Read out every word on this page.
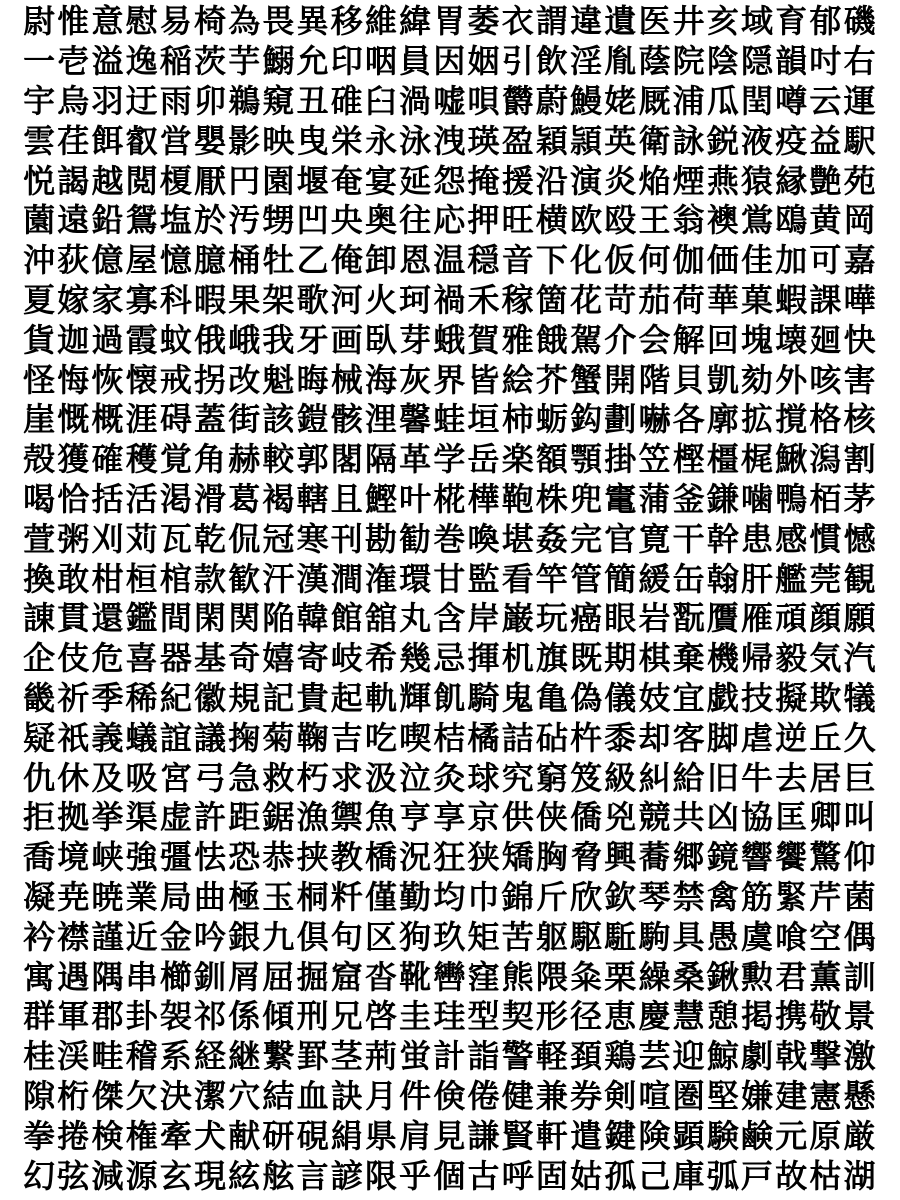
尉 惟 意 慰 易 椅 為 畏 異 移 維 緯 胃 萎 衣 謂 違 遺 医 井 亥 域 育 郁 磯
一 壱 溢 逸 稲 茨 芋 鰯 允 印 咽 員 因 姻 引 飲 淫 胤 蔭 院 陰 隠 韻 吋 右
宇 烏 羽 迂 雨 卯 鵜 窺 丑 碓 臼 渦 嘘 唄 欝 蔚 鰻 姥 厩 浦 瓜 閏 噂 云 運
雲 荏 餌 叡 営 嬰 影 映 曳 栄 永 泳 洩 瑛 盈 穎 頴 英 衛 詠 鋭 液 疫 益 駅
悦 謁 越 閲 榎 厭 円 園 堰 奄 宴 延 怨 掩 援 沿 演 炎 焔 煙 燕 猿 縁 艶 苑
薗 遠 鉛 鴛 塩 於 汚 甥 凹 央 奥 往 応 押 旺 横 欧 殴 王 翁 襖 鴬 鴎 黄 岡
沖 荻 億 屋 憶 臆 桶 牡 乙 俺 卸 恩 温 穏 音 下 化 仮 何 伽 価 佳 加 可 嘉
夏 嫁 家 寡 科 暇 果 架 歌 河 火 珂 禍 禾 稼 箇 花 苛 茄 荷 華 菓 蝦 課 嘩
貨 迦 過 霞 蚊 俄 峨 我 牙 画 臥 芽 蛾 賀 雅 餓 駕 介 会 解 回 塊 壊 廻 快
怪 悔 恢 懐 戒 拐 改 魁 晦 械 海 灰 界 皆 絵 芥 蟹 開 階 貝 凱 劾 外 咳 害
崖 慨 概 涯 碍 蓋 街 該 鎧 骸 浬 馨 蛙 垣 柿 蛎 鈎 劃 嚇 各 廓 拡 撹 格 核
殻 獲 確 穫 覚 角 赫 較 郭 閣 隔 革 学 岳 楽 額 顎 掛 笠 樫 橿 梶 鰍 潟 割
喝 恰 括 活 渇 滑 葛 褐 轄 且 鰹 叶 椛 樺 鞄 株 兜 竃 蒲 釜 鎌 噛 鴨 栢 茅
萱 粥 刈 苅 瓦 乾 侃 冠 寒 刊 勘 勧 巻 喚 堪 姦 完 官 寛 干 幹 患 感 慣 憾
換 敢 柑 桓 棺 款 歓 汗 漢 澗 潅 環 甘 監 看 竿 管 簡 緩 缶 翰 肝 艦 莞 観
諌 貫 還 鑑 間 閑 関 陥 韓 館 舘 丸 含 岸 巌 玩 癌 眼 岩 翫 贋 雁 頑 顔 願
企 伎 危 喜 器 基 奇 嬉 寄 岐 希 幾 忌 揮 机 旗 既 期 棋 棄 機 帰 毅 気 汽
畿 祈 季 稀 紀 徽 規 記 貴 起 軌 輝 飢 騎 鬼 亀 偽 儀 妓 宜 戯 技 擬 欺 犠
疑 祇 義 蟻 誼 議 掬 菊 鞠 吉 吃 喫 桔 橘 詰 砧 杵 黍 却 客 脚 虐 逆 丘 久
仇 休 及 吸 宮 弓 急 救 朽 求 汲 泣 灸 球 究 窮 笈 級 糾 給 旧 牛 去 居 巨
拒 拠 挙 渠 虚 許 距 鋸 漁 禦 魚 亨 享 京 供 侠 僑 兇 競 共 凶 協 匡 卿 叫
喬 境 峡 強 彊 怯 恐 恭 挟 教 橋 況 狂 狭 矯 胸 脅 興 蕎 郷 鏡 響 饗 驚 仰
凝 尭 暁 業 局 曲 極 玉 桐 粁 僅 勤 均 巾 錦 斤 欣 欽 琴 禁 禽 筋 緊 芹 菌
衿 襟 謹 近 金 吟 銀 九 倶 句 区 狗 玖 矩 苦 躯 駆 駈 駒 具 愚 虞 喰 空 偶
寓 遇 隅 串 櫛 釧 屑 屈 掘 窟 沓 靴 轡 窪 熊 隈 粂 栗 繰 桑 鍬 勲 君 薫 訓
群 軍 郡 卦 袈 祁 係 傾 刑 兄 啓 圭 珪 型 契 形 径 恵 慶 慧 憩 掲 携 敬 景
桂 渓 畦 稽 系 経 継 繋 罫 茎 荊 蛍 計 詣 警 軽 頚 鶏 芸 迎 鯨 劇 戟 撃 激
隙 桁 傑 欠 決 潔 穴 結 血 訣 月 件 倹 倦 健 兼 券 剣 喧 圏 堅 嫌 建 憲 懸
拳 捲 検 権 牽 犬 献 研 硯 絹 県 肩 見 謙 賢 軒 遣 鍵 険 顕 験 鹸 元 原 厳
幻 弦 減 源 玄 現 絃 舷 言 諺 限 乎 個 古 呼 固 姑 孤 己 庫 弧 戸 故 枯 湖
